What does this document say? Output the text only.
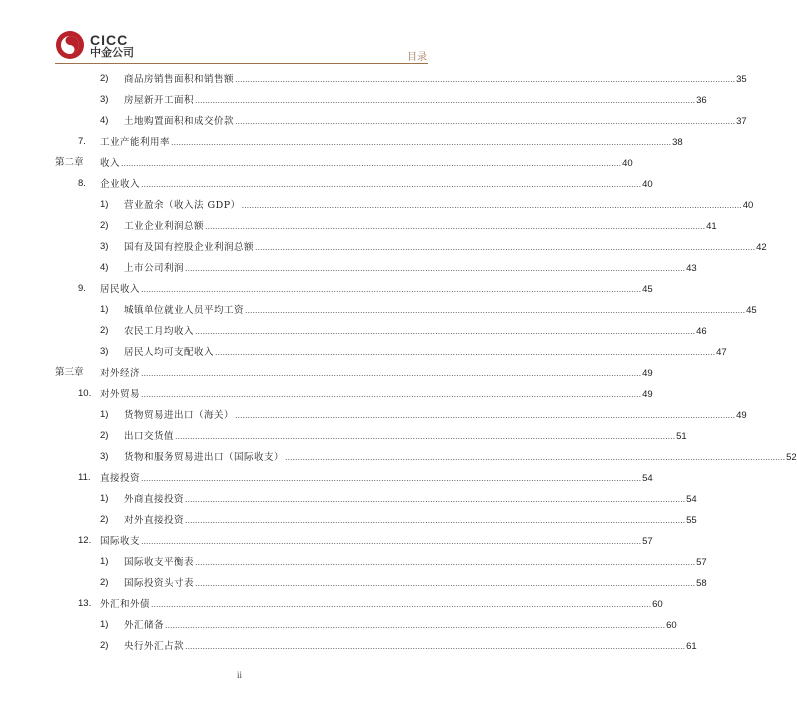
CICC
中金公司	目录
2) 商品房销售面积和销售额 ........................................................................................................................................................................................................ 35
3) 房屋新开工面积 ........................................................................................................................................................................................................ 36
4) 土地购置面积和成交价款 ........................................................................................................................................................................................................ 37
7. 工业产能利用率 ........................................................................................................................................................................................................ 38
第二章 收入 ........................................................................................................................................................................................................ 40
8. 企业收入 ........................................................................................................................................................................................................ 40
1) 营业盈余（收入法 GDP） ........................................................................................................................................................................................................ 40
2) 工业企业利润总额 ........................................................................................................................................................................................................ 41
3) 国有及国有控股企业利润总额 ........................................................................................................................................................................................................ 42
4) 上市公司利润 ........................................................................................................................................................................................................ 43
9. 居民收入 ........................................................................................................................................................................................................ 45
1) 城镇单位就业人员平均工资 ........................................................................................................................................................................................................ 45
2) 农民工月均收入 ........................................................................................................................................................................................................ 46
3) 居民人均可支配收入 ........................................................................................................................................................................................................ 47
第三章 对外经济 ........................................................................................................................................................................................................ 49
10. 对外贸易 ........................................................................................................................................................................................................ 49
1) 货物贸易进出口（海关） ........................................................................................................................................................................................................ 49
2) 出口交货值 ........................................................................................................................................................................................................ 51
3) 货物和服务贸易进出口（国际收支） ........................................................................................................................................................................................................ 52
11. 直接投资 ........................................................................................................................................................................................................ 54
1) 外商直接投资 ........................................................................................................................................................................................................ 54
2) 对外直接投资 ........................................................................................................................................................................................................ 55
12. 国际收支 ........................................................................................................................................................................................................ 57
1) 国际收支平衡表 ........................................................................................................................................................................................................ 57
2) 国际投资头寸表 ........................................................................................................................................................................................................ 58
13. 外汇和外债 ........................................................................................................................................................................................................ 60
1) 外汇储备 ........................................................................................................................................................................................................ 60
2) 央行外汇占款 ........................................................................................................................................................................................................ 61
ii
